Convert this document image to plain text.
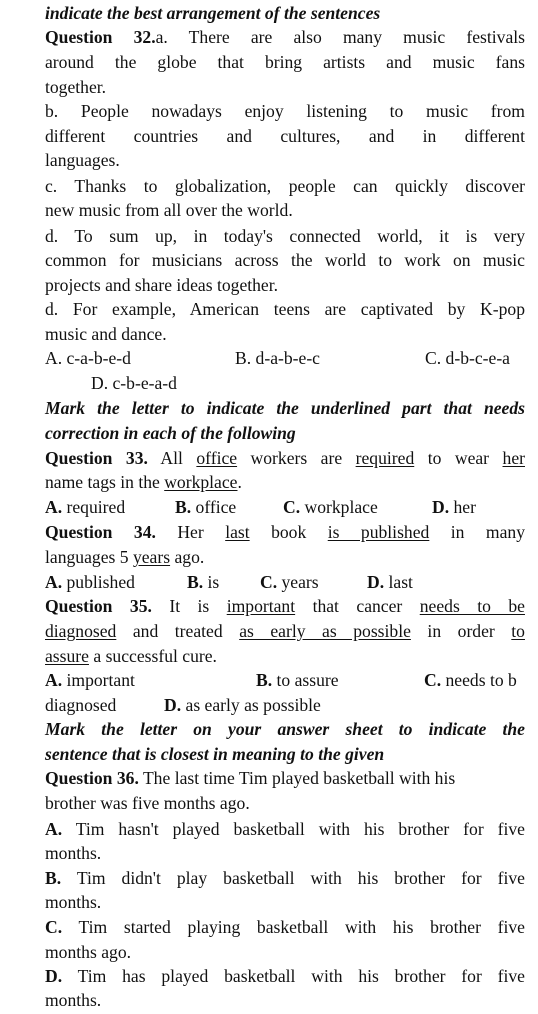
indicate the best arrangement of the sentences
Question 32.a. There are also many music festivals
around the globe that bring artists and music fans
together.
b. People nowadays enjoy listening to music from
different countries and cultures, and in different
languages.
c. Thanks to globalization, people can quickly discover
new music from all over the world.
d. To sum up, in today's connected world, it is very
common for musicians across the world to work on music
projects and share ideas together.
d. For example, American teens are captivated by K-pop
music and dance.
A. c-a-b-e-d	B. d-a-b-e-c	C. d-b-c-e-a
D. c-b-e-a-d
Mark the letter to indicate the underlined part that needs
correction in each of the following
Question 33. All office workers are required to wear her
name tags in the workplace.
A. required	B. office	C. workplace	D. her
Question 34. Her last book is published in many
languages 5 years ago.
A. published	B. is C. years	D. last
Question 35. It is important that cancer needs to be
diagnosed and treated as early as possible in order to
assure a successful cure.
A. important	B. to assure	C. needs to b
diagnosed	D. as early as possible
Mark the letter on your answer sheet to indicate the
sentence that is closest in meaning to the given
Question 36. The last time Tim played basketball with his
brother was five months ago.
A. Tim hasn't played basketball with his brother for five
months.
B. Tim didn't play basketball with his brother for five
months.
C. Tim started playing basketball with his brother five
months ago.
D. Tim has played basketball with his brother for five
months.
